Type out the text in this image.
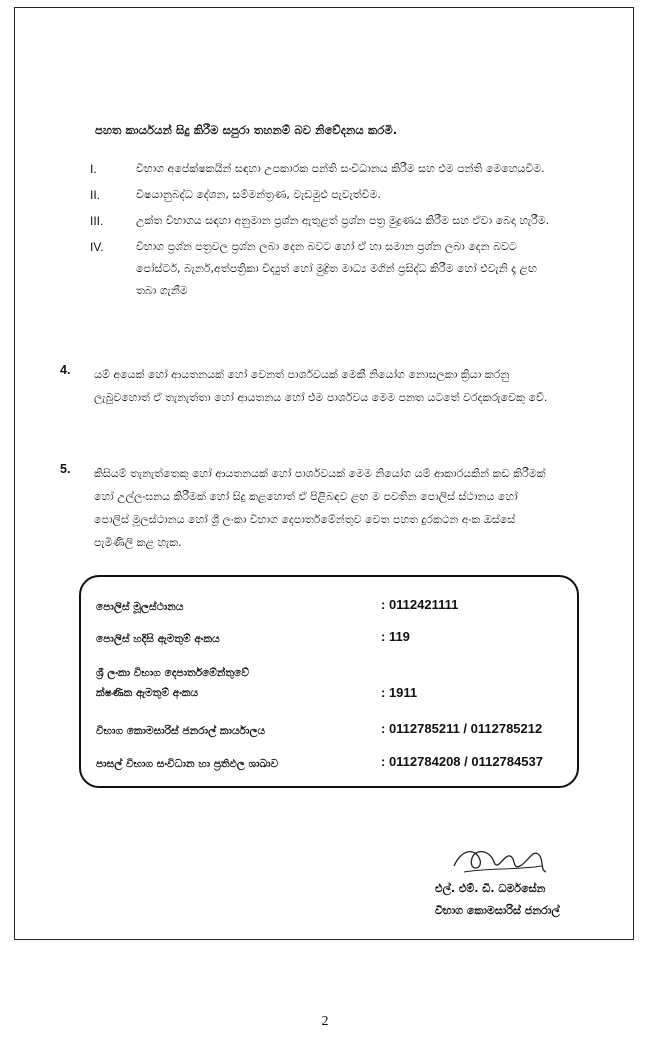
පහත කාර්යයන් සිදු කිරීම සපුරා තහනම් බව නිවේදනය කරමි.
I.	විභාග අපේක්ෂකයින් සඳහා උපකාරක පන්ති සංවිධානය කිරීම සහ එම පන්ති මෙහෙයවීම.
II.	විෂයානුබද්ධ දේශන, සම්මන්ත්‍රණ, වැඩමුළු පැවැත්වීම.
III.	උක්ත විභාගය සඳහා අනුමාන ප්‍රශ්න ඇතුළත් ප්‍රශ්න පත්‍ර මුද්‍රණය කිරීම සහ ඒවා බෙදා හැරීම.
IV.	විභාග ප්‍රශ්න පත්‍රවල ප්‍රශ්න ලබා දෙන බවට හෝ ඒ හා සමාන ප්‍රශ්න ලබා දෙන බවට පෝස්ටර්, බැනර්,අත්පත්‍රිකා විද්‍යුත් හෝ මුද්‍රිත මාධ්‍ය මගින් ප්‍රසිද්ධ කිරීම හෝ එවැනි දෑ ළඟ තබා ගැනීම
4. යම් අයෙක් හෝ ආයතනයක් හෝ වෙනත් පාර්ශවයක් මෙකී නියෝග නොසලකා ක්‍රියා කරනු ලැබුවහොත් ඒ තැනැත්තා හෝ ආයතනය හෝ එම පාර්ශවය මෙම පනත යටතේ වරදකරුවෙකු වේ.
5. කිසියම් තැනැත්තෙකු හෝ ආයතනයක් හෝ පාර්ශවයක් මෙම නියෝග යම් ආකාරයකින් කඩ කිරීමක් හෝ උල්ලංඝනය කිරීමක් හෝ සිදු කළහොත් ඒ පිළිබඳව ළඟ ම පවතින පොලිස් ස්ථානය හෝ පොලිස් මූලස්ථානය හෝ ශ්‍රී ලංකා විභාග දෙපාර්තමේන්තුව වෙත පහත දුරකථන අංක ඔස්සේ පැමිණිලි කළ හැක.
පොලිස් මූලස්ථානය	: 0112421111
පොලිස් හදිසි ඇමතුම් අංකය	: 119
ශ්‍රී ලංකා විභාග දෙපාර්තමේන්තුවේ
ක්ෂණික ඇමතුම් අංකය	: 1911
විභාග කොමසාරිස් ජනරාල් කාර්යාලය	: 0112785211 / 0112785212
පාසල් විභාග සංවිධාන හා ප්‍රතිඵල ශාඛාව	: 0112784208 / 0112784537
එල්. එම්. ඩී. ධර්මසේන
විභාග කොමසාරිස් ජනරාල්
2
